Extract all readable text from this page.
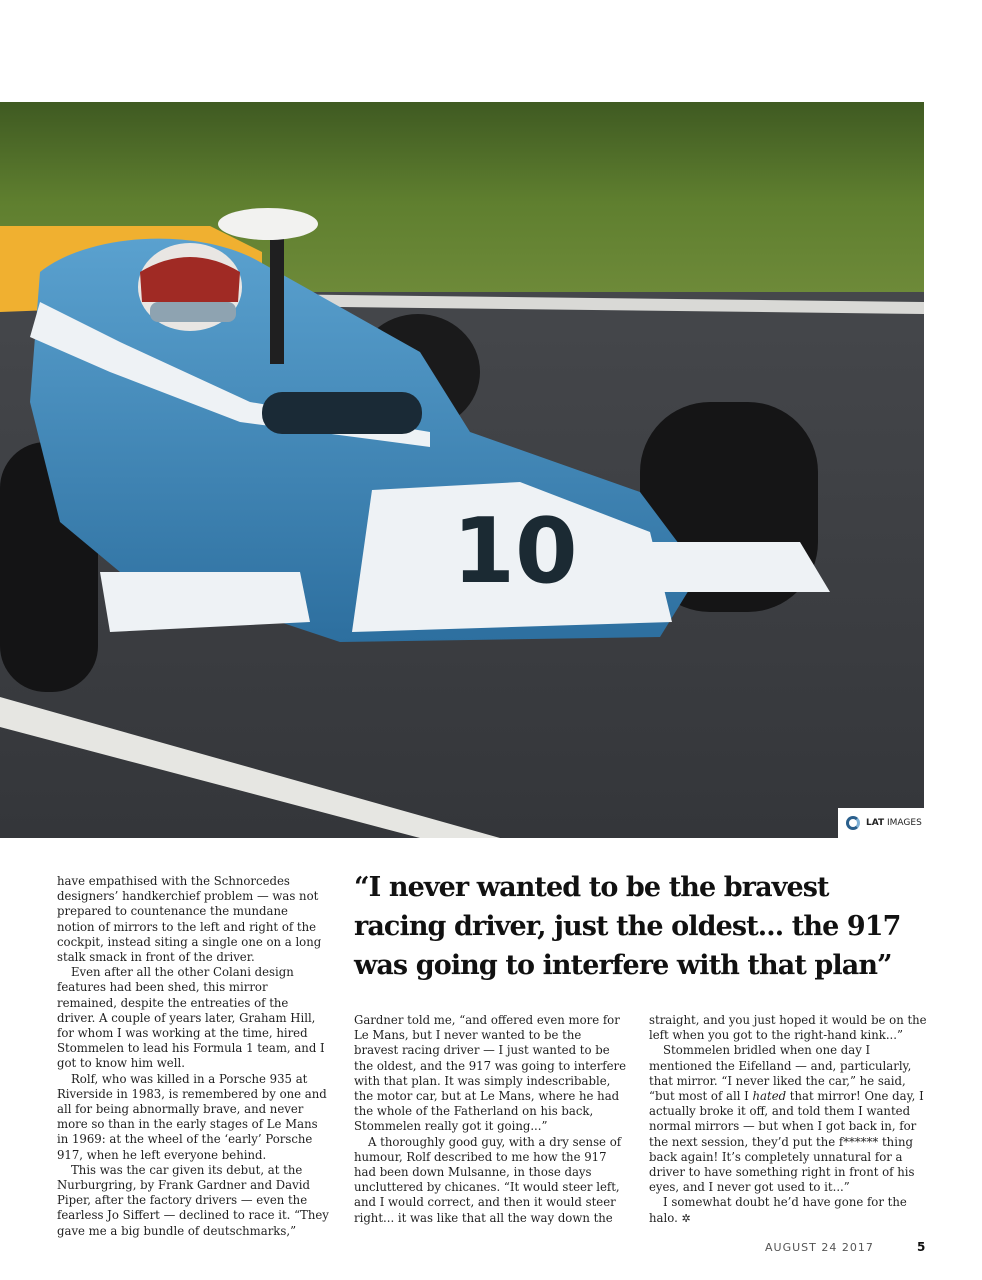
10
LAT IMAGES

have empathised with the Schnorcedes designers’ handkerchief problem — was not prepared to countenance the mundane notion of mirrors to the left and right of the cockpit, instead siting a single one on a long stalk smack in front of the driver.

Even after all the other Colani design features had been shed, this mirror remained, despite the entreaties of the driver. A couple of years later, Graham Hill, for whom I was working at the time, hired Stommelen to lead his Formula 1 team, and I got to know him well.

Rolf, who was killed in a Porsche 935 at Riverside in 1983, is remembered by one and all for being abnormally brave, and never more so than in the early stages of Le Mans in 1969: at the wheel of the ‘early’ Porsche 917, when he left everyone behind.

This was the car given its debut, at the Nurburgring, by Frank Gardner and David Piper, after the factory drivers — even the fearless Jo Siffert — declined to race it. “They gave me a big bundle of deutschmarks,”

“I never wanted to be the bravest
racing driver, just the oldest... the 917
was going to interfere with that plan”

Gardner told me, “and offered even more for Le Mans, but I never wanted to be the bravest racing driver — I just wanted to be the oldest, and the 917 was going to interfere with that plan. It was simply indescribable, the motor car, but at Le Mans, where he had the whole of the Fatherland on his back, Stommelen really got it going...”

A thoroughly good guy, with a dry sense of humour, Rolf described to me how the 917 had been down Mulsanne, in those days uncluttered by chicanes. “It would steer left, and I would correct, and then it would steer right... it was like that all the way down the

straight, and you just hoped it would be on the left when you got to the right-hand kink...”

Stommelen bridled when one day I mentioned the Eifelland — and, particularly, that mirror. “I never liked the car,” he said, “but most of all I hated that mirror! One day, I actually broke it off, and told them I wanted normal mirrors — but when I got back in, for the next session, they’d put the f****** thing back again! It’s completely unnatural for a driver to have something right in front of his eyes, and I never got used to it...”

I somewhat doubt he’d have gone for the halo. ✲

AUGUST 24 2017	5
